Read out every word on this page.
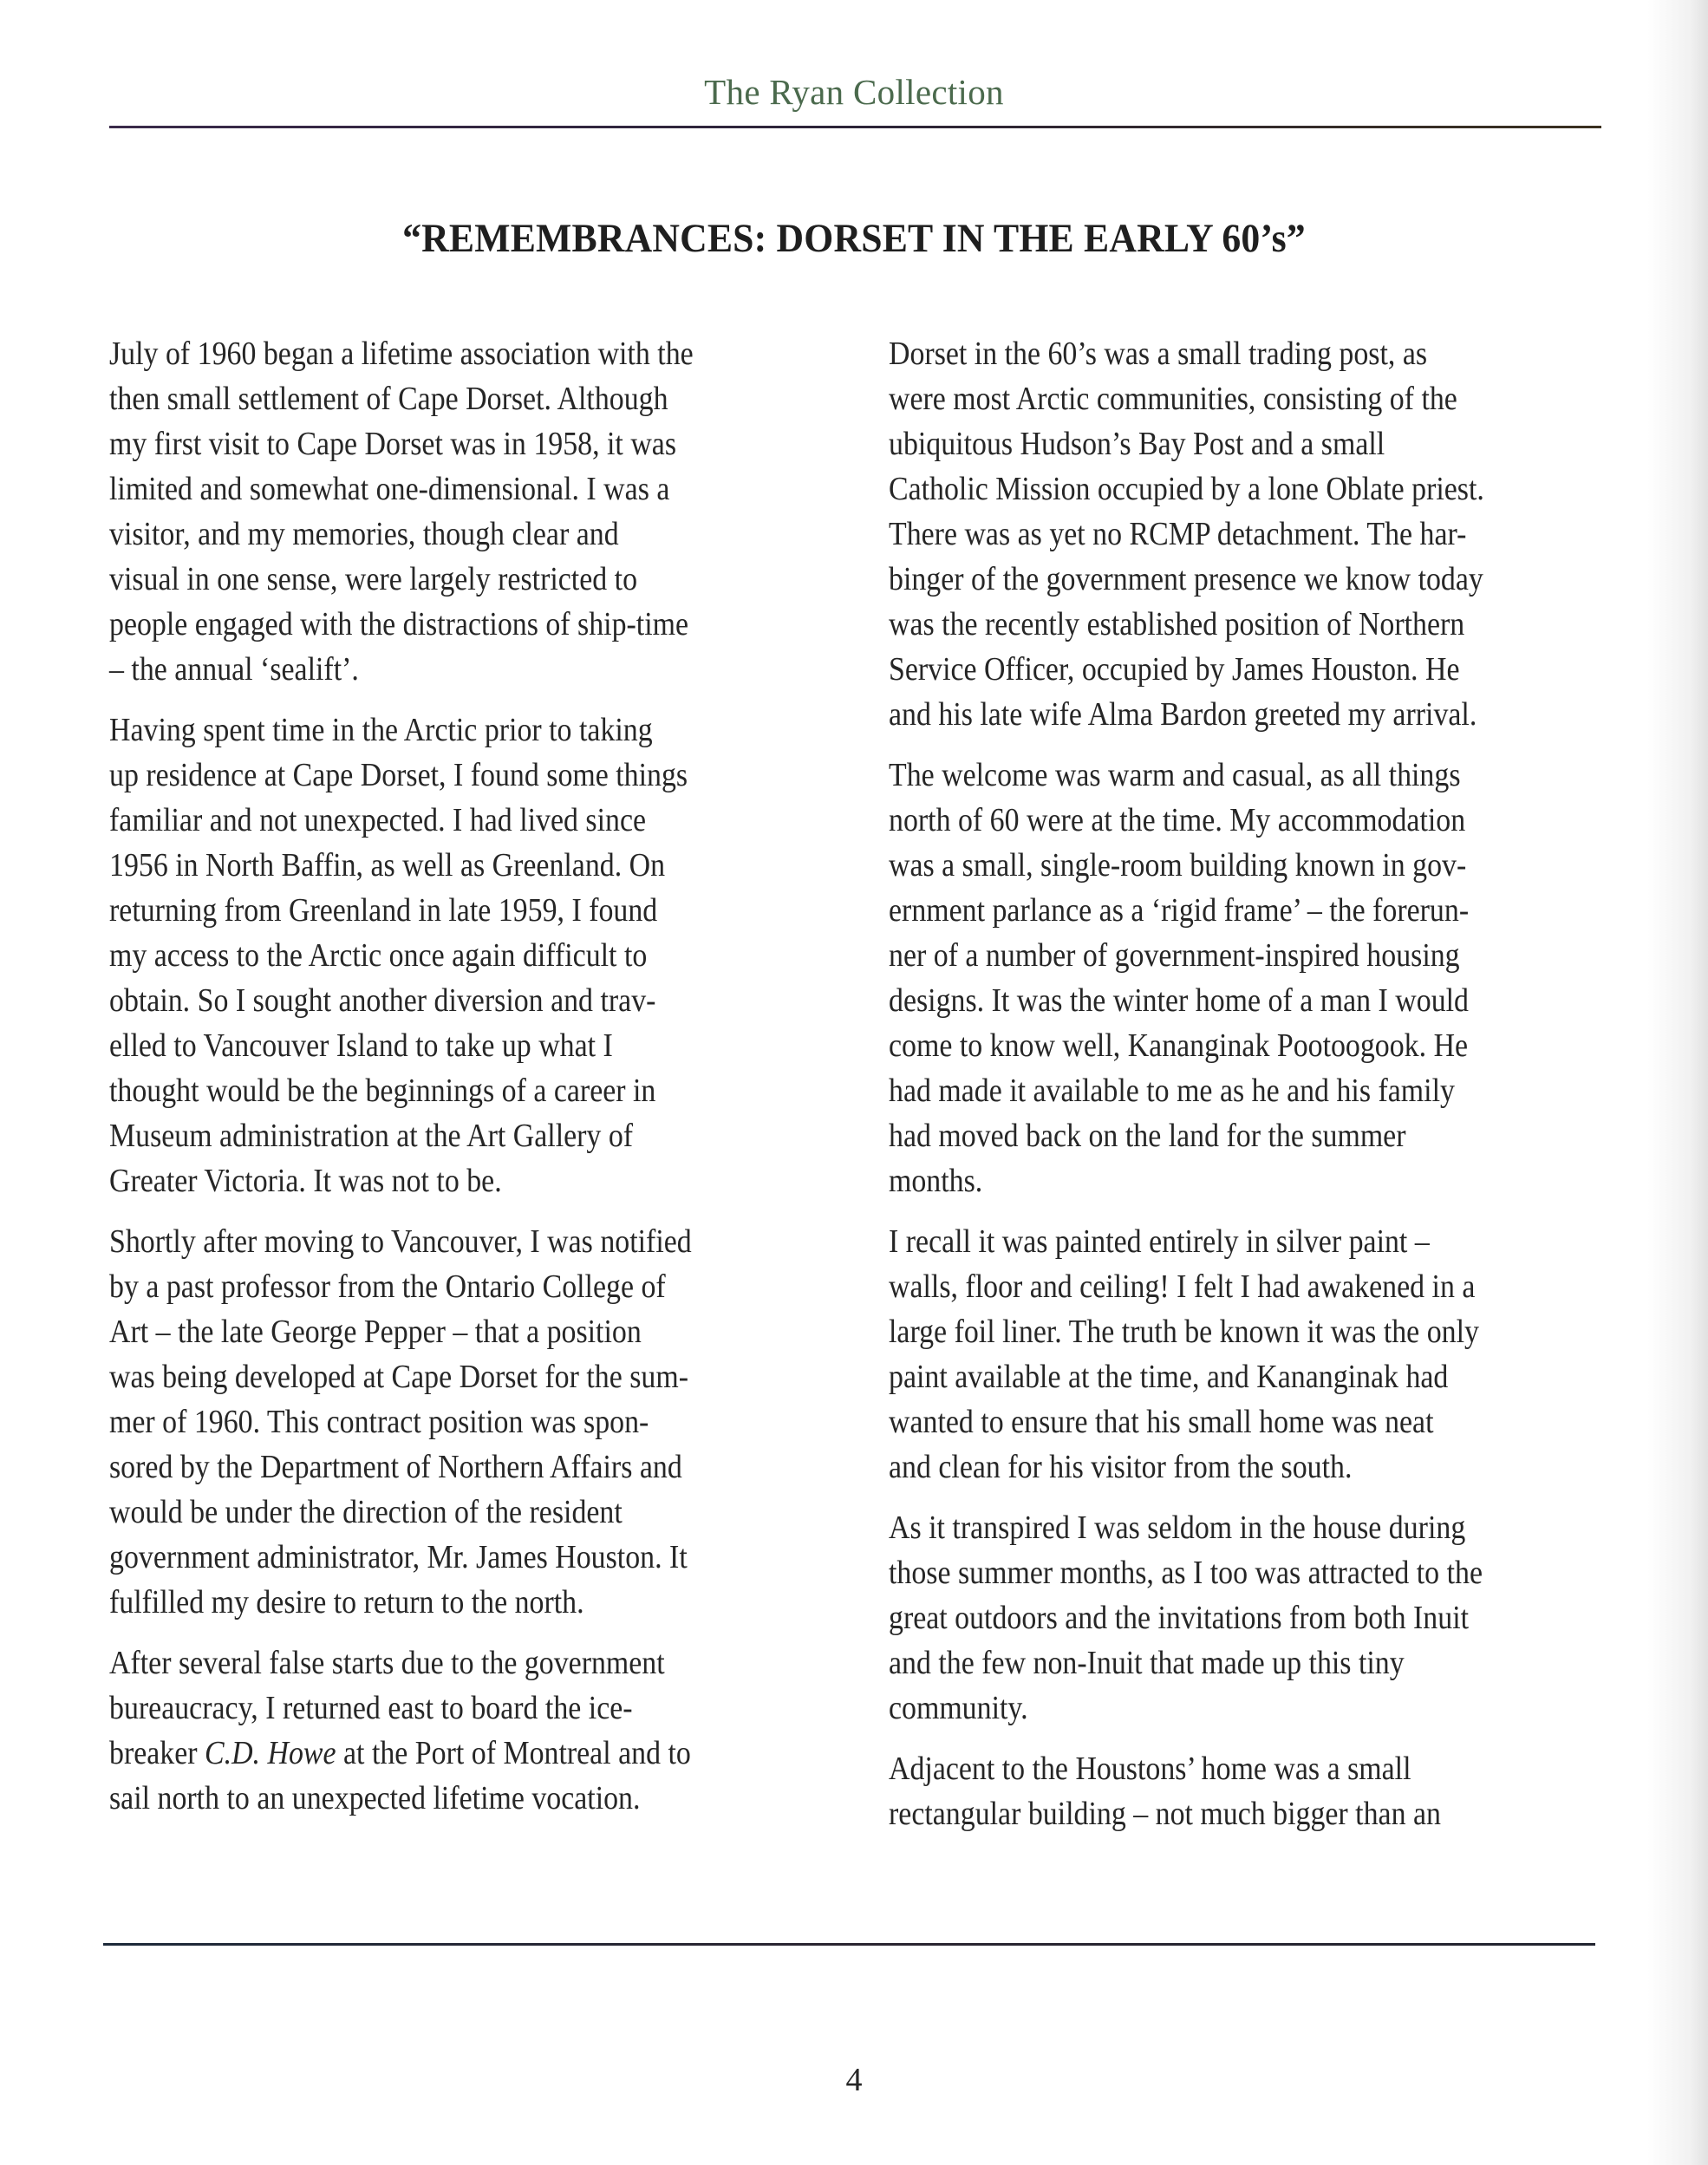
The Ryan Collection
“REMEMBRANCES: DORSET IN THE EARLY 60’s”

July of 1960 began a lifetime association with the
then small settlement of Cape Dorset. Although
my first visit to Cape Dorset was in 1958, it was
limited and somewhat one-dimensional. I was a
visitor, and my memories, though clear and
visual in one sense, were largely restricted to
people engaged with the distractions of ship-time
– the annual ‘sealift’.

Having spent time in the Arctic prior to taking
up residence at Cape Dorset, I found some things
familiar and not unexpected. I had lived since
1956 in North Baffin, as well as Greenland. On
returning from Greenland in late 1959, I found
my access to the Arctic once again difficult to
obtain. So I sought another diversion and trav-
elled to Vancouver Island to take up what I
thought would be the beginnings of a career in
Museum administration at the Art Gallery of
Greater Victoria. It was not to be.

Shortly after moving to Vancouver, I was notified
by a past professor from the Ontario College of
Art – the late George Pepper – that a position
was being developed at Cape Dorset for the sum-
mer of 1960. This contract position was spon-
sored by the Department of Northern Affairs and
would be under the direction of the resident
government administrator, Mr. James Houston. It
fulfilled my desire to return to the north.

After several false starts due to the government
bureaucracy, I returned east to board the ice-
breaker C.D. Howe at the Port of Montreal and to
sail north to an unexpected lifetime vocation.

Dorset in the 60’s was a small trading post, as
were most Arctic communities, consisting of the
ubiquitous Hudson’s Bay Post and a small
Catholic Mission occupied by a lone Oblate priest.
There was as yet no RCMP detachment. The har-
binger of the government presence we know today
was the recently established position of Northern
Service Officer, occupied by James Houston. He
and his late wife Alma Bardon greeted my arrival.

The welcome was warm and casual, as all things
north of 60 were at the time. My accommodation
was a small, single-room building known in gov-
ernment parlance as a ‘rigid frame’ – the forerun-
ner of a number of government-inspired housing
designs. It was the winter home of a man I would
come to know well, Kananginak Pootoogook. He
had made it available to me as he and his family
had moved back on the land for the summer
months.

I recall it was painted entirely in silver paint –
walls, floor and ceiling! I felt I had awakened in a
large foil liner. The truth be known it was the only
paint available at the time, and Kananginak had
wanted to ensure that his small home was neat
and clean for his visitor from the south.

As it transpired I was seldom in the house during
those summer months, as I too was attracted to the
great outdoors and the invitations from both Inuit
and the few non-Inuit that made up this tiny
community.

Adjacent to the Houstons’ home was a small
rectangular building – not much bigger than an

4
